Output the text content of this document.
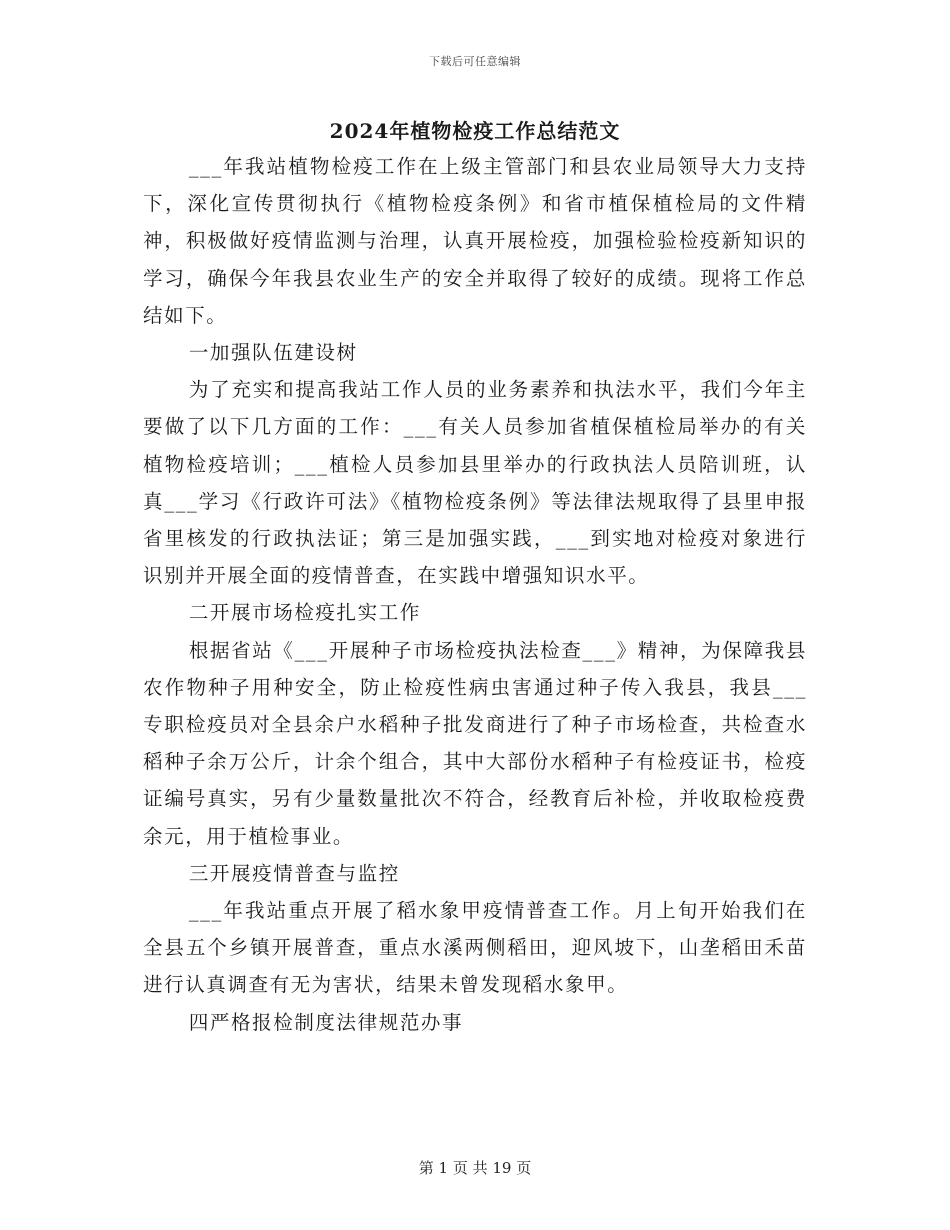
下载后可任意编辑
2024年植物检疫工作总结范文

___年我站植物检疫工作在上级主管部门和县农业局领导大力支持下，深化宣传贯彻执行《植物检疫条例》和省市植保植检局的文件精神，积极做好疫情监测与治理，认真开展检疫，加强检验检疫新知识的学习，确保今年我县农业生产的安全并取得了较好的成绩。现将工作总结如下。

一加强队伍建设树

为了充实和提高我站工作人员的业务素养和执法水平，我们今年主要做了以下几方面的工作：___有关人员参加省植保植检局举办的有关植物检疫培训；___植检人员参加县里举办的行政执法人员陪训班，认真___学习《行政许可法》《植物检疫条例》等法律法规取得了县里申报省里核发的行政执法证；第三是加强实践，___到实地对检疫对象进行识别并开展全面的疫情普查，在实践中增强知识水平。

二开展市场检疫扎实工作

根据省站《___开展种子市场检疫执法检查___》精神，为保障我县农作物种子用种安全，防止检疫性病虫害通过种子传入我县，我县___专职检疫员对全县余户水稻种子批发商进行了种子市场检查，共检查水稻种子余万公斤，计余个组合，其中大部份水稻种子有检疫证书，检疫证编号真实，另有少量数量批次不符合，经教育后补检，并收取检疫费余元，用于植检事业。

三开展疫情普查与监控

___年我站重点开展了稻水象甲疫情普查工作。月上旬开始我们在全县五个乡镇开展普查，重点水溪两侧稻田，迎风坡下，山垄稻田禾苗进行认真调查有无为害状，结果未曾发现稻水象甲。

四严格报检制度法律规范办事

第 1 页 共 19 页
